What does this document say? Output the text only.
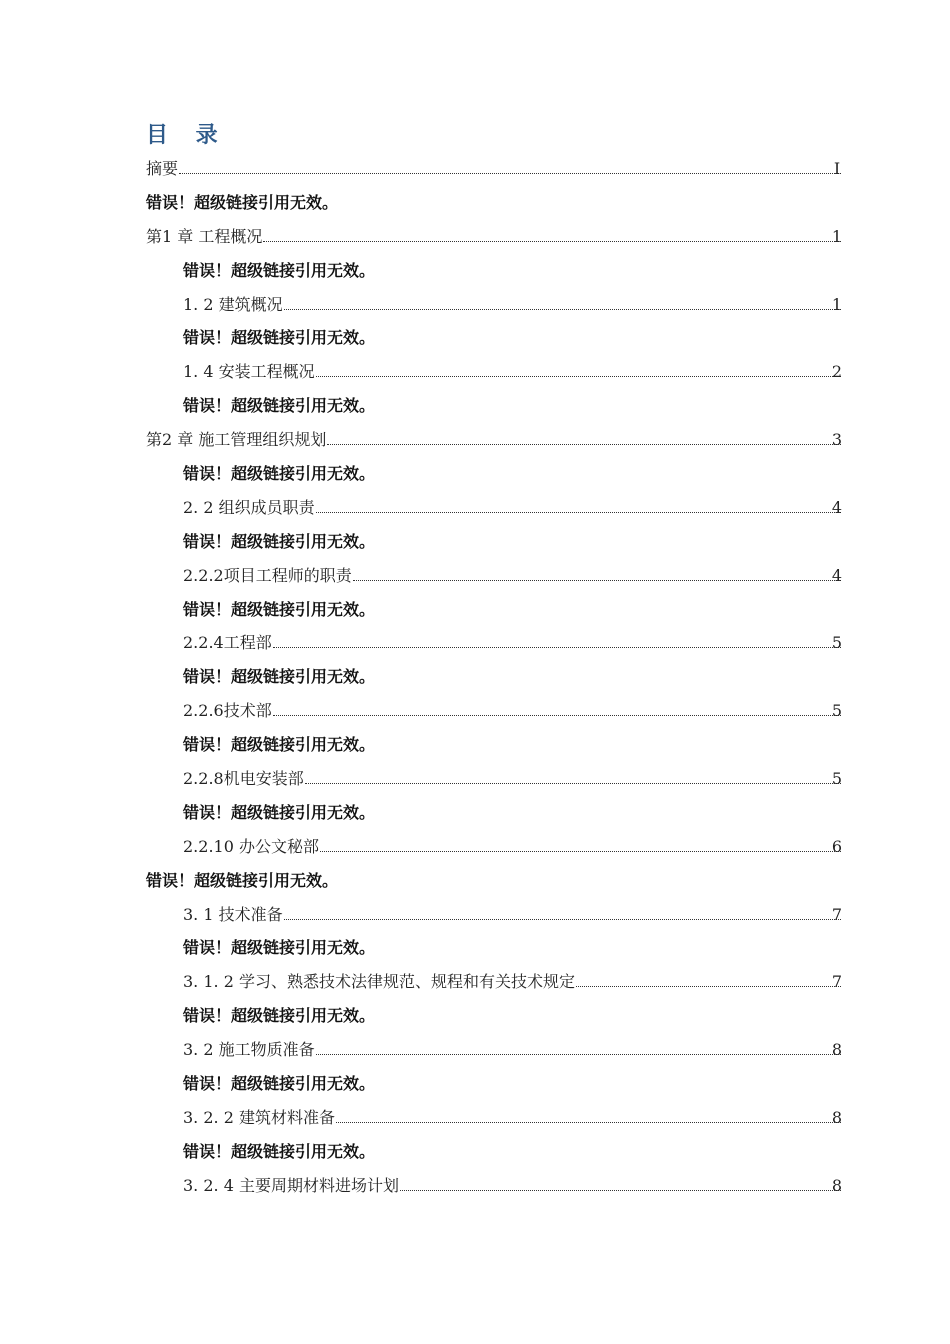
目 录
摘要	I
错误！超级链接引用无效。
第1 章 工程概况	1
错误！超级链接引用无效。
1. 2 建筑概况	1
错误！超级链接引用无效。
1. 4 安装工程概况	2
错误！超级链接引用无效。
第2 章 施工管理组织规划	3
错误！超级链接引用无效。
2. 2 组织成员职责	4
错误！超级链接引用无效。
2.2.2项目工程师的职责	4
错误！超级链接引用无效。
2.2.4工程部	5
错误！超级链接引用无效。
2.2.6技术部	5
错误！超级链接引用无效。
2.2.8机电安装部	5
错误！超级链接引用无效。
2.2.10 办公文秘部	6
错误！超级链接引用无效。
3. 1 技术准备	7
错误！超级链接引用无效。
3. 1. 2 学习、熟悉技术法律规范、规程和有关技术规定	7
错误！超级链接引用无效。
3. 2 施工物质准备	8
错误！超级链接引用无效。
3. 2. 2 建筑材料准备	8
错误！超级链接引用无效。
3. 2. 4 主要周期材料进场计划	8
